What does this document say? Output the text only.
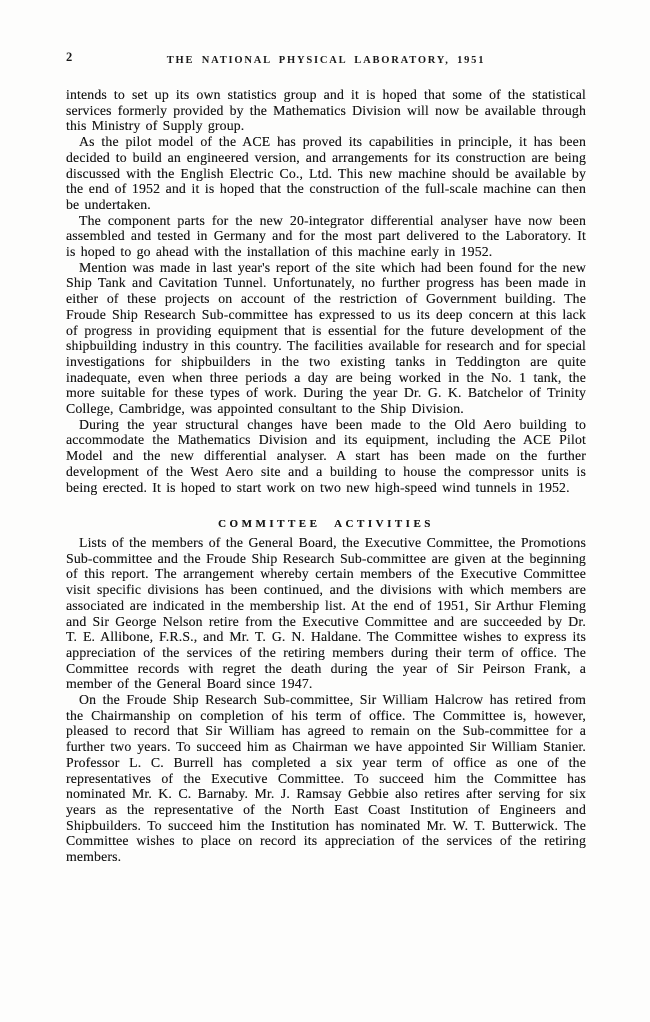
2	THE NATIONAL PHYSICAL LABORATORY, 1951

intends to set up its own statistics group and it is hoped that some of the statistical services formerly provided by the Mathematics Division will now be available through this Ministry of Supply group.

As the pilot model of the ACE has proved its capabilities in principle, it has been decided to build an engineered version, and arrangements for its construction are being discussed with the English Electric Co., Ltd. This new machine should be available by the end of 1952 and it is hoped that the construction of the full-scale machine can then be undertaken.

The component parts for the new 20-integrator differential analyser have now been assembled and tested in Germany and for the most part delivered to the Laboratory. It is hoped to go ahead with the installation of this machine early in 1952.

Mention was made in last year's report of the site which had been found for the new Ship Tank and Cavitation Tunnel. Unfortunately, no further progress has been made in either of these projects on account of the restriction of Government building. The Froude Ship Research Sub-committee has expressed to us its deep concern at this lack of progress in providing equipment that is essential for the future development of the shipbuilding industry in this country. The facilities available for research and for special investigations for shipbuilders in the two existing tanks in Teddington are quite inadequate, even when three periods a day are being worked in the No. 1 tank, the more suitable for these types of work. During the year Dr. G. K. Batchelor of Trinity College, Cambridge, was appointed consultant to the Ship Division.

During the year structural changes have been made to the Old Aero building to accommodate the Mathematics Division and its equipment, including the ACE Pilot Model and the new differential analyser. A start has been made on the further development of the West Aero site and a building to house the compressor units is being erected. It is hoped to start work on two new high-speed wind tunnels in 1952.

COMMITTEE ACTIVITIES

Lists of the members of the General Board, the Executive Committee, the Promotions Sub-committee and the Froude Ship Research Sub-committee are given at the beginning of this report. The arrangement whereby certain members of the Executive Committee visit specific divisions has been continued, and the divisions with which members are associated are indicated in the membership list. At the end of 1951, Sir Arthur Fleming and Sir George Nelson retire from the Executive Committee and are succeeded by Dr. T. E. Allibone, F.R.S., and Mr. T. G. N. Haldane. The Committee wishes to express its appreciation of the services of the retiring members during their term of office. The Committee records with regret the death during the year of Sir Peirson Frank, a member of the General Board since 1947.

On the Froude Ship Research Sub-committee, Sir William Halcrow has retired from the Chairmanship on completion of his term of office. The Committee is, however, pleased to record that Sir William has agreed to remain on the Sub-committee for a further two years. To succeed him as Chairman we have appointed Sir William Stanier. Professor L. C. Burrell has completed a six year term of office as one of the representatives of the Executive Committee. To succeed him the Committee has nominated Mr. K. C. Barnaby. Mr. J. Ramsay Gebbie also retires after serving for six years as the representative of the North East Coast Institution of Engineers and Shipbuilders. To succeed him the Institution has nominated Mr. W. T. Butterwick. The Committee wishes to place on record its appreciation of the services of the retiring members.
